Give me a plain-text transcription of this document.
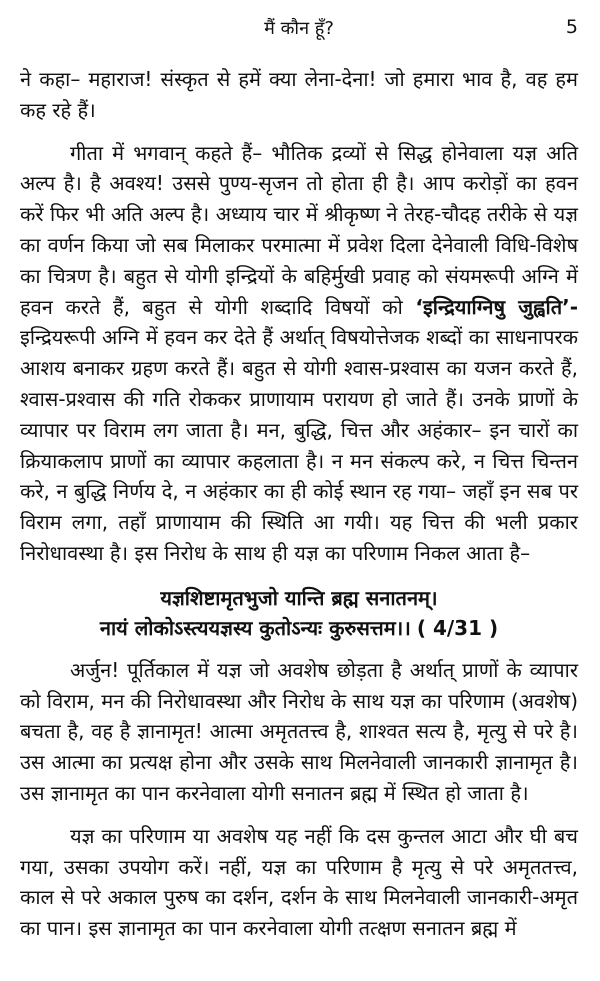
मैं कौन हूँ?	5

ने कहा– महाराज! संस्कृत से हमें क्या लेना-देना! जो हमारा भाव है, वह हम कह रहे हैं।

गीता में भगवान् कहते हैं– भौतिक द्रव्यों से सिद्ध होनेवाला यज्ञ अति अल्प है। है अवश्य! उससे पुण्य-सृजन तो होता ही है। आप करोड़ों का हवन करें फिर भी अति अल्प है। अध्याय चार में श्रीकृष्ण ने तेरह-चौदह तरीके से यज्ञ का वर्णन किया जो सब मिलाकर परमात्मा में प्रवेश दिला देनेवाली विधि-विशेष का चित्रण है। बहुत से योगी इन्द्रियों के बहिर्मुखी प्रवाह को संयमरूपी अग्नि में हवन करते हैं, बहुत से योगी शब्दादि विषयों को ‘इन्द्रियाग्निषु जुह्वति’- इन्द्रियरूपी अग्नि में हवन कर देते हैं अर्थात् विषयोत्तेजक शब्दों का साधनापरक आशय बनाकर ग्रहण करते हैं। बहुत से योगी श्वास-प्रश्वास का यजन करते हैं, श्वास-प्रश्वास की गति रोककर प्राणायाम परायण हो जाते हैं। उनके प्राणों के व्यापार पर विराम लग जाता है। मन, बुद्धि, चित्त और अहंकार– इन चारों का क्रियाकलाप प्राणों का व्यापार कहलाता है। न मन संकल्प करे, न चित्त चिन्तन करे, न बुद्धि निर्णय दे, न अहंकार का ही कोई स्थान रह गया– जहाँ इन सब पर विराम लगा, तहाँ प्राणायाम की स्थिति आ गयी। यह चित्त की भली प्रकार निरोधावस्था है। इस निरोध के साथ ही यज्ञ का परिणाम निकल आता है–

यज्ञशिष्टामृतभुजो यान्ति ब्रह्म सनातनम्।
नायं लोकोऽस्त्ययज्ञस्य कुतोऽन्यः कुरुसत्तम।। ( 4/31 )

अर्जुन! पूर्तिकाल में यज्ञ जो अवशेष छोड़ता है अर्थात् प्राणों के व्यापार को विराम, मन की निरोधावस्था और निरोध के साथ यज्ञ का परिणाम (अवशेष) बचता है, वह है ज्ञानामृत! आत्मा अमृततत्त्व है, शाश्वत सत्य है, मृत्यु से परे है। उस आत्मा का प्रत्यक्ष होना और उसके साथ मिलनेवाली जानकारी ज्ञानामृत है। उस ज्ञानामृत का पान करनेवाला योगी सनातन ब्रह्म में स्थित हो जाता है।

यज्ञ का परिणाम या अवशेष यह नहीं कि दस कुन्तल आटा और घी बच गया, उसका उपयोग करें। नहीं, यज्ञ का परिणाम है मृत्यु से परे अमृततत्त्व, काल से परे अकाल पुरुष का दर्शन, दर्शन के साथ मिलनेवाली जानकारी-अमृत का पान। इस ज्ञानामृत का पान करनेवाला योगी तत्क्षण सनातन ब्रह्म में
